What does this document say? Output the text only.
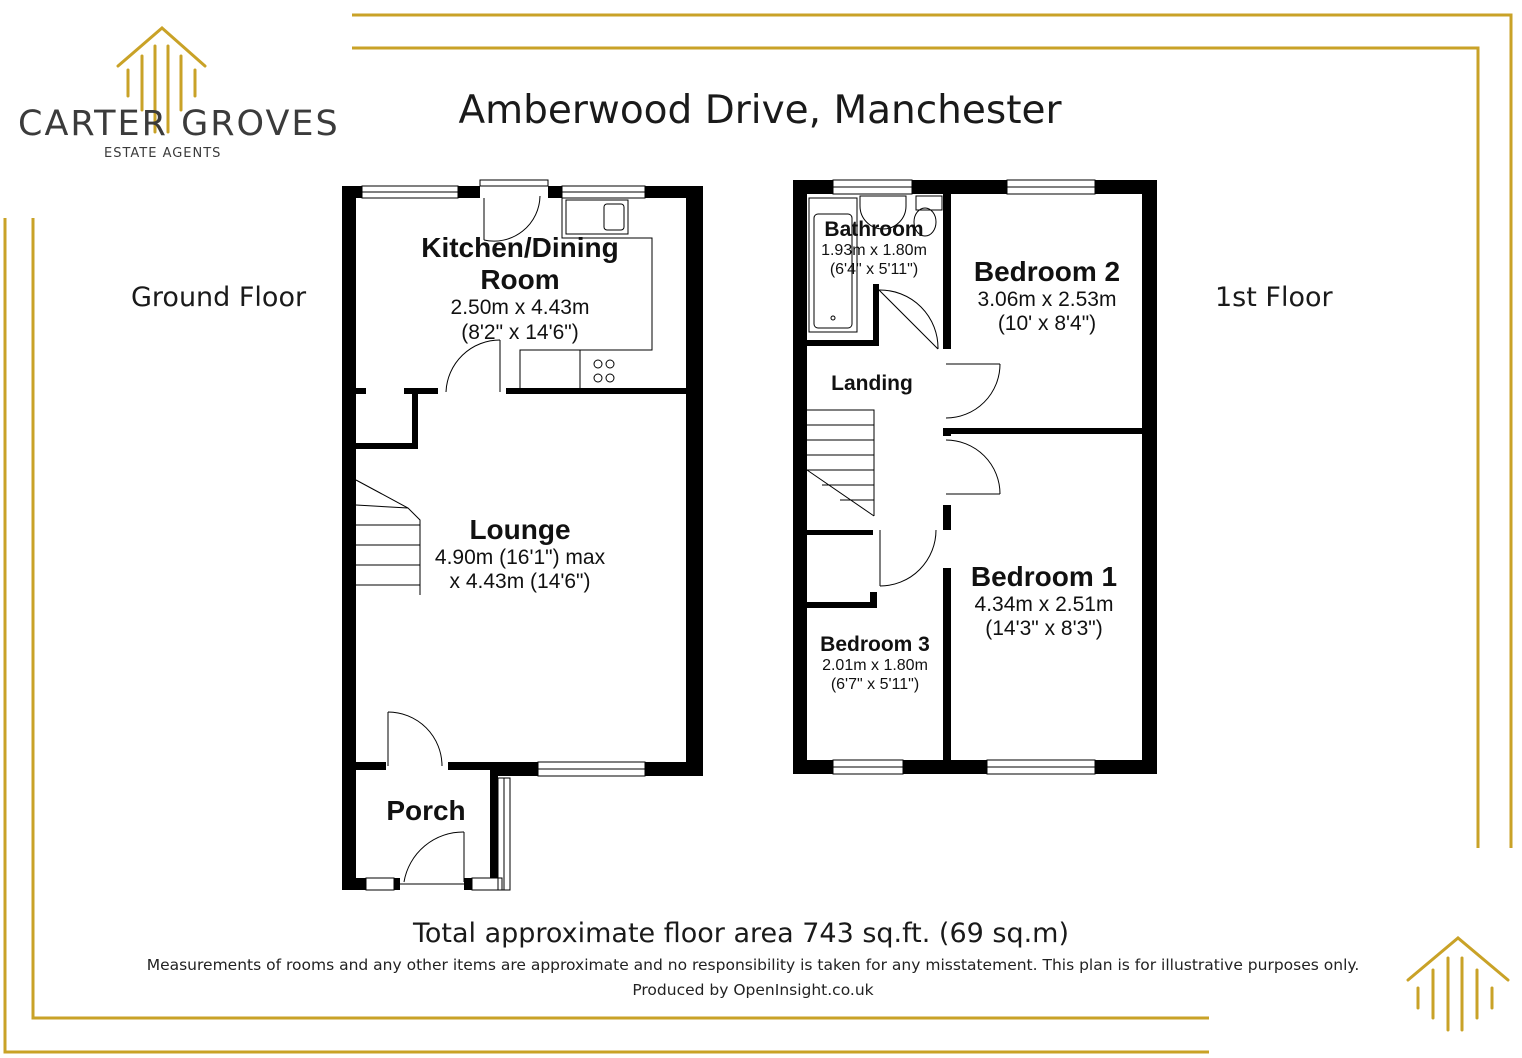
CARTER GROVES
ESTATE AGENTS
Amberwood Drive, Manchester
Ground Floor	1st Floor
Kitchen/Dining
Room
2.50m x 4.43m
(8'2" x 14'6")
Lounge
4.90m (16'1") max
x 4.43m (14'6")
Porch
Bathroom
1.93m x 1.80m
(6'4" x 5'11")	Bedroom 2
3.06m x 2.53m
(10' x 8'4")
Landing
Bedroom 1
4.34m x 2.51m
(14'3" x 8'3")
Bedroom 3
2.01m x 1.80m
(6'7" x 5'11")
Total approximate floor area 743 sq.ft. (69 sq.m)
Measurements of rooms and any other items are approximate and no responsibility is taken for any misstatement. This plan is for illustrative purposes only.
Produced by OpenInsight.co.uk
